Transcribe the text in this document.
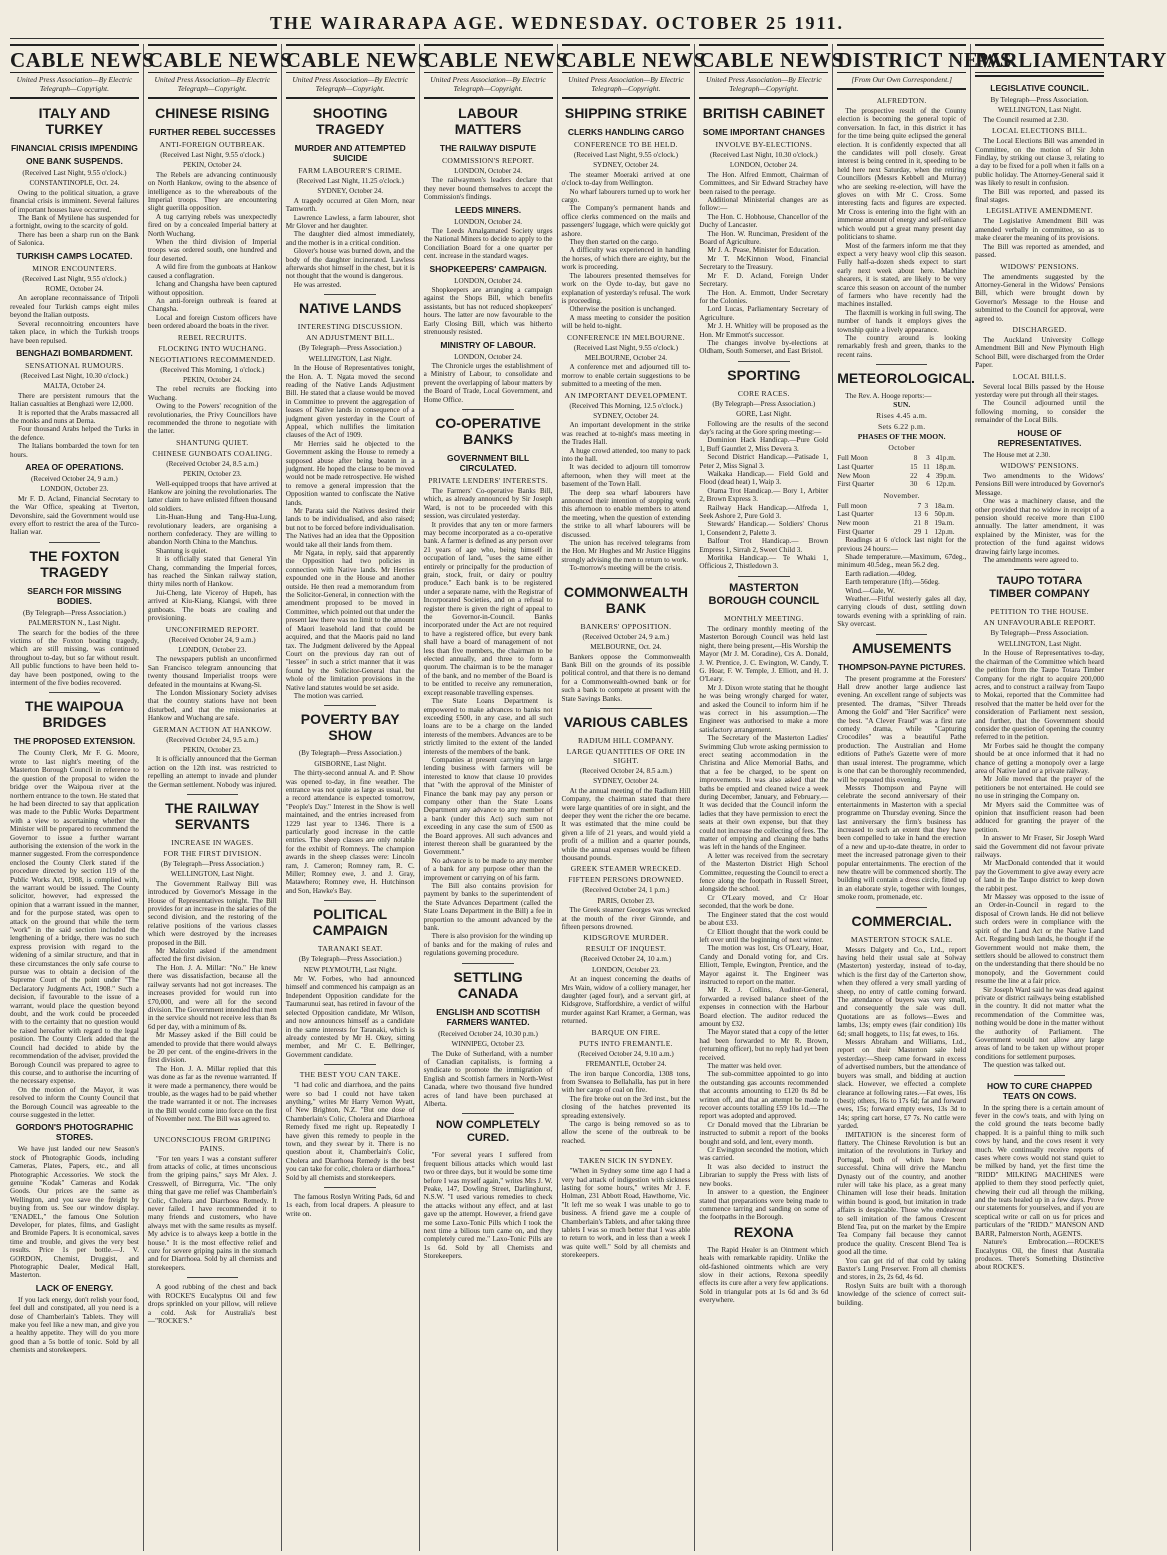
THE WAIRARAPA AGE. WEDNESDAY. OCTOBER 25 1911.
CABLE NEWS
United Press Association—By Electric Telegraph—Copyright.
ITALY AND TURKEY
FINANCIAL CRISIS IMPENDING
ONE BANK SUSPENDS.
(Received Last Night, 9.55 o'clock.)
CONSTANTINOPLE, Oct. 24.
Owing to the political situation, a grave financial crisis is imminent. Several failures of important houses have occurred.
The Bank of Mytilene has suspended for a fortnight, owing to the scarcity of gold.
There has been a sharp run on the Bank of Salonica.
TURKISH CAMPS LOCATED.
MINOR ENCOUNTERS.
(Received Last Night, 9.55 o'clock.)
ROME, October 24.
An aeroplane reconnaissance of Tripoli revealed four Turkish camps eight miles beyond the Italian outposts.
Several reconnoitring encounters have taken place, in which the Turkish troops have been repulsed.
BENGHAZI BOMBARDMENT.
SENSATIONAL RUMOURS.
(Received Last Night, 10.30 o'clock.)
MALTA, October 24.
There are persistent rumours that the Italian casualties at Benghazi were 12,000.
It is reported that the Arabs massacred all the monks and nuns at Derna.
Four thousand Arabs helped the Turks in the defence.
The Italians bombarded the town for ten hours.
AREA OF OPERATIONS.
(Received October 24, 9 a.m.)
LONDON, October 23.
Mr F. D. Acland, Financial Secretary to the War Office, speaking at Tiverton, Devonshire, said the Government would use every effort to restrict the area of the Turco-Italian war.
THE FOXTON TRAGEDY
SEARCH FOR MISSING BODIES.
(By Telegraph—Press Association.)
PALMERSTON N., Last Night.
The search for the bodies of the three victims of the Foxton boating tragedy, which are still missing, was continued throughout to-day, but so far without result. All public functions to have been held to-day have been postponed, owing to the interment of the five bodies recovered.
THE WAIPOUA BRIDGES
THE PROPOSED EXTENSION.
The County Clerk, Mr F. G. Moore, wrote to last night's meeting of the Masterton Borough Council in reference to the question of the proposal to widen the bridge over the Waipoua river at the northern entrance to the town. He stated that he had been directed to say that application was made to the Public Works Department with a view to ascertaining whether the Minister will be prepared to recommend the Governor to issue a further warrant authorising the extension of the work in the manner suggested. From the correspondence enclosed the County Clerk stated if the procedure directed by section 119 of the Public Works Act, 1908, is complied with, the warrant would be issued. The County solicitor, however, had expressed the opinion that a warrant issued in the manner, and for the purpose stated, was open to attack on the ground that while the term "work" in the said section included the lengthening of a bridge, there was no such express provision with regard to the widening of a similar structure, and that in these circumstances the only safe course to pursue was to obtain a decision of the Supreme Court of the point under "The Declaratory Judgments Act, 1908." Such a decision, if favourable to the issue of a warrant, would place the question beyond doubt, and the work could be proceeded with to the certainty that no question would be raised hereafter with regard to the legal position. The County Clerk added that the Council had decided to abide by the recommendation of the adviser, provided the Borough Council was prepared to agree to this course, and to authorise the incurring of the necessary expense.
On the motion of the Mayor, it was resolved to inform the County Council that the Borough Council was agreeable to the course suggested in the letter.
GORDON'S PHOTOGRAPHIC STORES.
We have just landed our new Season's stock of Photographic Goods, including Cameras, Plates, Papers, etc., and all Photographic Accessories. We stock the genuine "Kodak" Cameras and Kodak Goods. Our prices are the same as Wellington, and you save the freight by buying from us. See our window display. "ENADEL," the famous One Solution Developer, for plates, films, and Gaslight and Bromide Papers. It is economical, saves time and trouble, and gives the very best results. Price 1s per bottle.—J. V. GORDON, Chemist, Druggist, and Photographic Dealer, Medical Hall, Masterton.
LACK OF ENERGY.
If you lack energy, don't relish your food, feel dull and constipated, all you need is a dose of Chamberlain's Tablets. They will make you feel like a new man, and give you a healthy appetite. They will do you more good than a 5s bottle of tonic. Sold by all chemists and storekeepers.
CABLE NEWS
United Press Association—By Electric Telegraph—Copyright.
CHINESE RISING
FURTHER REBEL SUCCESSES
ANTI-FOREIGN OUTBREAK.
(Received Last Night, 9.55 o'clock.)
PEKIN, October 24.
The Rebels are advancing continuously on North Hankow, owing to the absence of intelligence as to the whereabouts of the Imperial troops. They are encountering slight guerilla opposition.
A tug carrying rebels was unexpectedly fired on by a concealed Imperial battery at North Wuchang.
When the third division of Imperial troops was ordered south, one hundred and four deserted.
A wild fire from the gunboats at Hankow caused a conflagration.
Ichang and Changsha have been captured without opposition.
An anti-foreign outbreak is feared at Changsha.
Local and foreign Custom officers have been ordered aboard the boats in the river.
REBEL RECRUITS.
FLOCKING INTO WUCHANG.
NEGOTIATIONS RECOMMENDED.
(Received This Morning, 1 o'clock.)
PEKIN, October 24.
The rebel recruits are flocking into Wuchang.
Owing to the Powers' recognition of the revolutionaries, the Privy Councillors have recommended the throne to negotiate with the latter.
SHANTUNG QUIET.
CHINESE GUNBOATS COALING.
(Received October 24, 8.5 a.m.)
PEKIN, October 23.
Well-equipped troops that have arrived at Hankow are joining the revolutionaries. The latter claim to have enlisted fifteen thousand old soldiers.
Lin-Huan-Hung and Tang-Hua-Lung, revolutionary leaders, are organising a northern confederacy. They are willing to abandon North China to the Manchus.
Shantung is quiet.
It is officially stated that General Yin Chang, commanding the Imperial forces, has reached the Sinkan railway station, thirty miles north of Hankow.
Jui-Cheng, late Viceroy of Hupeh, has arrived at Kiu-Kiang, Kiangsi, with three gunboats. The boats are coaling and provisioning.
UNCONFIRMED REPORT.
(Received October 24, 9 a.m.)
LONDON, October 23.
The newspapers publish an unconfirmed San Francisco telegram announcing that twenty thousand Imperialist troops were defeated in the mountains at Kwang-Si.
The London Missionary Society advises that the country stations have not been disturbed, and that the missionaries at Hankow and Wuchang are safe.
GERMAN ACTION AT HANKOW.
(Received October 24, 9.5 a.m.)
PEKIN, October 23.
It is officially announced that the German action on the 12th inst. was restricted to repelling an attempt to invade and plunder the German settlement. Nobody was injured.
THE RAILWAY SERVANTS
INCREASE IN WAGES.
FOR THE FIRST DIVISION.
(By Telegraph—Press Association.)
WELLINGTON, Last Night.
The Government Railway Bill was introduced by Governor's Message in the House of Representatives tonight. The Bill provides for an increase in the salaries of the second division, and the restoring of the relative positions of the various classes which were destroyed by the increases proposed in the Bill.
Mr Malcolm asked if the amendment affected the first division.
The Hon. J. A. Millar: "No." He knew there was dissatisfaction, because all the railway servants had not got increases. The increases provided for would run into £70,000, and were all for the second division. The Government intended that men in the service should not receive less than 8s 6d per day, with a minimum of 8s.
Mr Massey asked if the Bill could be amended to provide that there would always be 20 per cent. of the engine-drivers in the first division.
The Hon. J. A. Millar replied that this was done as far as the revenue warranted. If it were made a permanency, there would be trouble, as the wages had to be paid whether the trade warranted it or not. The increases in the Bill would come into force on the first of November next. The Bill was agreed to.
UNCONSCIOUS FROM GRIPING PAINS.
"For ten years I was a constant sufferer from attacks of colic, at times unconscious from the griping pains," says Mr Alex. J. Cresswell, of Birregurra, Vic. "The only thing that gave me relief was Chamberlain's Colic, Cholera and Diarrhoea Remedy. It never failed. I have recommended it to many friends and customers, who have always met with the same results as myself. My advice is to always keep a bottle in the house." It is the most effective relief and cure for severe griping pains in the stomach and for Diarrhoea. Sold by all chemists and storekeepers.
A good rubbing of the chest and back with ROCKE'S Eucalyptus Oil and few drops sprinkled on your pillow, will relieve a cold. Ask for Australia's best—"ROCKE'S."
CABLE NEWS
United Press Association—By Electric Telegraph—Copyright.
SHOOTING TRAGEDY
MURDER AND ATTEMPTED SUICIDE
FARM LABOURER'S CRIME.
(Received Last Night, 11.25 o'clock.)
SYDNEY, October 24.
A tragedy occurred at Glen Morn, near Tamworth.
Lawrence Lawless, a farm labourer, shot Mr Glover and her daughter.
The daughter died almost immediately, and the mother is in a critical condition.
Glover's house was burned down, and the body of the daughter incinerated. Lawless afterwards shot himself in the chest, but it is not thought that the wound is dangerous.
He was arrested.
NATIVE LANDS
INTERESTING DISCUSSION.
AN ADJUSTMENT BILL.
(By Telegraph—Press Association.)
WELLINGTON, Last Night.
In the House of Representatives tonight, the Hon. A. T. Ngata moved the second reading of the Native Lands Adjustment Bill. He stated that a clause would be moved in Committee to prevent the aggregation of leases of Native lands in consequence of a judgment given yesterday in the Court of Appeal, which nullifies the limitation clauses of the Act of 1909.
Mr Herries said he objected to the Government asking the House to remedy a supposed abuse after being beaten in a judgment. He hoped the clause to be moved would not be made retrospective. He wished to remove a general impression that the Opposition wanted to confiscate the Native lands.
Mr Parata said the Natives desired their lands to be individualised, and also raised; but not to be forced before individualisation. The Natives had an idea that the Opposition would take all their lands from them.
Mr Ngata, in reply, said that apparently the Opposition had two policies in connection with Native lands. Mr Herries expounded one in the House and another outside. He then read a memorandum from the Solicitor-General, in connection with the amendment proposed to be moved in Committee, which pointed out that under the present law there was no limit to the amount of Maori leasehold land that could be acquired, and that the Maoris paid no land tax. The Judgment delivered by the Appeal Court on the previous day ran out of "lessee" in such a strict manner that it was found by the Solicitor-General that the whole of the limitation provisions in the Native land statutes would be set aside.
The motion was carried.
POVERTY BAY SHOW
(By Telegraph—Press Association.)
GISBORNE, Last Night.
The thirty-second annual A. and P. Show was opened to-day, in fine weather. The entrance was not quite as large as usual, but a record attendance is expected tomorrow, "People's Day." Interest in the Show is well maintained, and the entries increased from 1229 last year to 1346. There is a particularly good increase in the cattle entries. The sheep classes are only notable for the exhibit of Romneys. The champion awards in the sheep classes were: Lincoln ram, J. Cameron; Romney ram, R. C. Miller; Romney ewe, J. and J. Gray, Matawhero; Romney ewe, H. Hutchinson and Son, Hawke's Bay.
POLITICAL CAMPAIGN
TARANAKI SEAT.
(By Telegraph—Press Association.)
NEW PLYMOUTH, Last Night.
Mr W. Forbes, who had announced himself and commenced his campaign as an Independent Opposition candidate for the Taumarunui seat, has retired in favour of the selected Opposition candidate, Mr Wilson, and now announces himself as a candidate in the same interests for Taranaki, which is already contested by Mr H. Okey, sitting member, and Mr C. E. Bellringer, Government candidate.
THE BEST YOU CAN TAKE.
"I had colic and diarrhoea, and the pains were so bad I could not have taken anything," writes Mr Harry Vernon Wyatt, of New Brighton, N.Z. "But one dose of Chamberlain's Colic, Cholera and Diarrhoea Remedy fixed me right up. Repeatedly I have given this remedy to people in the town, and they swear by it. There is no question about it, Chamberlain's Colic, Cholera and Diarrhoea Remedy is the best you can take for colic, cholera or diarrhoea." Sold by all chemists and storekeepers.
The famous Roslyn Writing Pads, 6d and 1s each, from local drapers. A pleasure to write on.
CABLE NEWS
United Press Association—By Electric Telegraph—Copyright.
LABOUR MATTERS
THE RAILWAY DISPUTE
COMMISSION'S REPORT.
LONDON, October 24.
The railwaymen's leaders declare that they never bound themselves to accept the Commission's findings.
LEEDS MINERS.
LONDON, October 24.
The Leeds Amalgamated Society urges the National Miners to decide to apply to the Conciliation Board for a one quarter per cent. increase in the standard wages.
SHOPKEEPERS' CAMPAIGN.
LONDON, October 24.
Shopkeepers are arranging a campaign against the Shops Bill, which benefits assistants, but has not reduced shopkeepers' hours. The latter are now favourable to the Early Closing Bill, which was hitherto strenuously resisted.
MINISTRY OF LABOUR.
LONDON, October 24.
The Chronicle urges the establishment of a Ministry of Labour, to consolidate and prevent the overlapping of labour matters by the Board of Trade, Local Government, and Home Office.
CO-OPERATIVE BANKS
GOVERNMENT BILL CIRCULATED.
PRIVATE LENDERS' INTERESTS.
The Farmers' Co-operative Banks Bill, which, as already announced by Sir Joseph Ward, is not to be proceeded with this session, was circulated yesterday.
It provides that any ten or more farmers may become incorporated as a co-operative bank. A farmer is defined as any person over 21 years of age who, being himself in occupation of land, "uses the same either entirely or principally for the production of grain, stock, fruit, or dairy or poultry produce." Each bank is to be registered under a separate name, with the Registrar of Incorporated Societies, and on a refusal to register there is given the right of appeal to the Governor-in-Council. Banks incorporated under the Act are not required to have a registered office, but every bank shall have a board of management of not less than five members, the chairman to be elected annually, and three to form a quorum. The chairman is to be the manager of the bank, and no member of the Board is to be entitled to receive any remuneration, except reasonable travelling expenses.
The State Loans Department is empowered to make advances to banks not exceeding £500, in any case, and all such loans are to be a charge on the landed interests of the members. Advances are to be strictly limited to the extent of the landed interests of the members of the bank.
Companies at present carrying on large lending business with farmers will be interested to know that clause 10 provides that "with the approval of the Minister of Finance the bank may pay any person or company other than the State Loans Department any advance to any member of a bank (under this Act) such sum not exceeding in any case the sum of £500 as the Board approves. All such advances and interest thereon shall be guaranteed by the Government."
No advance is to be made to any member of a bank for any purpose other than the improvement or carrying on of his farm.
The Bill also contains provision for payment by banks to the superintendent of the State Advances Department (called the State Loans Department in the Bill) a fee in proportion to the amount advanced by the bank.
There is also provision for the winding up of banks and for the making of rules and regulations governing procedure.
SETTLING CANADA
ENGLISH AND SCOTTISH FARMERS WANTED.
(Received October 24, 10.30 p.m.)
WINNIPEG, October 23.
The Duke of Sutherland, with a number of Canadian capitalists, is forming a syndicate to promote the immigration of English and Scottish farmers in North-West Canada, where two thousand five hundred acres of land have been purchased at Alberta.
NOW COMPLETELY CURED.
"For several years I suffered from frequent bilious attacks which would last two or three days, but it would be some time before I was myself again," writes Mrs J. W. Peake, 147, Dowling Street, Darlinghurst, N.S.W. "I used various remedies to check the attacks without any effect, and at last gave up the attempt. However, a friend gave me some Laxo-Tonic Pills which I took the next time a bilious turn came on, and they completely cured me." Laxo-Tonic Pills are 1s 6d. Sold by all Chemists and Storekeepers.
CABLE NEWS
United Press Association—By Electric Telegraph—Copyright.
SHIPPING STRIKE
CLERKS HANDLING CARGO
CONFERENCE TO BE HELD.
(Received Last Night, 9.55 o'clock.)
SYDNEY, October 24.
The steamer Moeraki arrived at one o'clock to-day from Wellington.
No wharf labourers turned up to work her cargo.
The Company's permanent hands and office clerks commenced on the mails and passengers' luggage, which were quickly got ashore.
They then started on the cargo.
A difficulty was experienced in handling the horses, of which there are eighty, but the work is proceeding.
The labourers presented themselves for work on the Oyde to-day, but gave no explanation of yesterday's refusal. The work is proceeding.
Otherwise the position is unchanged.
A mass meeting to consider the position will be held to-night.
CONFERENCE IN MELBOURNE.
(Received Last Night, 9.55 o'clock.)
MELBOURNE, October 24.
A conference met and adjourned till to-morrow to enable certain suggestions to be submitted to a meeting of the men.
AN IMPORTANT DEVELOPMENT.
(Received This Morning, 12.5 o'clock.)
SYDNEY, October 24.
An important development in the strike was reached at to-night's mass meeting in the Trades Hall.
A huge crowd attended, too many to pack into the hall.
It was decided to adjourn till tomorrow afternoon, when they will meet at the basement of the Town Hall.
The deep sea wharf labourers have announced their intention of stopping work this afternoon to enable members to attend the meeting, when the question of extending the strike to all wharf labourers will be discussed.
The union has received telegrams from the Hon. Mr Hughes and Mr Justice Higgins strongly advising the men to return to work.
To-morrow's meeting will be the crisis.
COMMONWEALTH BANK
BANKERS' OPPOSITION.
(Received October 24, 9 a.m.)
MELBOURNE, Oct. 24.
Bankers oppose the Commonwealth Bank Bill on the grounds of its possible political control, and that there is no demand for a Commonwealth-owned bank or for such a bank to compete at present with the State Savings Banks.
VARIOUS CABLES
RADIUM HILL COMPANY.
LARGE QUANTITIES OF ORE IN SIGHT.
(Received October 24, 8.5 a.m.)
SYDNEY, October 24.
At the annual meeting of the Radium Hill Company, the chairman stated that there were large quantities of ore in sight, and the deeper they went the richer the ore became. It was estimated that the mine could be given a life of 21 years, and would yield a profit of a million and a quarter pounds, while the annual expenses would be fifteen thousand pounds.
GREEK STEAMER WRECKED.
FIFTEEN PERSONS DROWNED.
(Received October 24, 1 p.m.)
PARIS, October 23.
The Greek steamer Georges was wrecked at the mouth of the river Gironde, and fifteen persons drowned.
KIDSGROVE MURDER.
RESULT OF INQUEST.
(Received October 24, 10 a.m.)
LONDON, October 23.
At an inquest concerning the deaths of Mrs Wain, widow of a colliery manager, her daughter (aged four), and a servant girl, at Kidsgrove, Staffordshire, a verdict of wilful murder against Karl Kramer, a German, was returned.
BARQUE ON FIRE.
PUTS INTO FREMANTLE.
(Received October 24, 9.10 a.m.)
FREMANTLE, October 24.
The iron barque Concordia, 1308 tons, from Swansea to Bellahalla, has put in here with her cargo of coal on fire.
The fire broke out on the 3rd inst., but the closing of the hatches prevented its spreading extensively.
The cargo is being removed so as to allow the scene of the outbreak to be reached.
TAKEN SICK IN SYDNEY.
"When in Sydney some time ago I had a very bad attack of indigestion with sickness lasting for some hours," writes Mr J. F. Holman, 231 Abbott Road, Hawthorne, Vic. "It left me so weak I was unable to go to business. A friend gave me a couple of Chamberlain's Tablets, and after taking three tablets I was so much better that I was able to return to work, and in less than a week I was quite well." Sold by all chemists and storekeepers.
CABLE NEWS
United Press Association—By Electric Telegraph—Copyright.
BRITISH CABINET
SOME IMPORTANT CHANGES
INVOLVE BY-ELECTIONS.
(Received Last Night, 10.30 o'clock.)
LONDON, October 24.
The Hon. Alfred Emmott, Chairman of Committees, and Sir Edward Strachey have been raised to the peerage.
Additional Ministerial changes are as follow:—
The Hon. C. Hobhouse, Chancellor of the Duchy of Lancaster.
The Hon. W. Runciman, President of the Board of Agriculture.
Mr J. A. Pease, Minister for Education.
Mr T. McKinnon Wood, Financial Secretary to the Treasury.
Mr F. D. Acland, Foreign Under Secretary.
The Hon. A. Emmott, Under Secretary for the Colonies.
Lord Lucas, Parliamentary Secretary of Agriculture.
Mr J. H. Whitley will be proposed as the Hon. Mr Emmott's successor.
The changes involve by-elections at Oldham, South Somerset, and East Bristol.
SPORTING
CORE RACES.
(By Telegraph—Press Association.)
GORE, Last Night.
Following are the results of the second day's racing at the Gore spring meeting:—
Dominion Hack Handicap.—Pure Gold 1, Buff Gauntlet 2, Miss Devera 3.
Second District Handicap.—Patisade 1, Peter 2, Miss Signal 3.
Waikaka Handicap.— Field Gold and Flood (dead heat) 1, Waip 3.
Otama Trot Handicap.— Bory 1, Arbiter 2, Brown Express 3.
Railway Hack Handicap.—Alfreda 1, Seek Ashore 2, Pure Gold 3.
Stewards' Handicap.— Soldiers' Chorus 1, Consendent 2, Palette 3.
Balfour Trot Handicap.— Brown Empress 1, Sirrah 2, Sweet Child 3.
Moritika Handicap.— Te Whaki 1, Officious 2, Thistledown 3.
MASTERTON BOROUGH COUNCIL
MONTHLY MEETING.
The ordinary monthly meeting of the Masterton Borough Council was held last night, there being present,—His Worship the Mayor (Mr J. M. Coradine), Crs A. Donald, J. W. Prentice, J. C. Ewington, W. Candy, T. G. Hoar, F. W. Temple, J. Elliott, and H. J. O'Leary.
Mr J. Dixon wrote stating that he thought he was being wrongly charged for water, and asked the Council to inform him if he was correct in his assumption.—The Engineer was authorised to make a more satisfactory arrangement.
The Secretary of the Masterton Ladies' Swimming Club wrote asking permission to erect seating accommodation in the Christina and Alice Memorial Baths, and that a fee be charged, to be spent on improvements. It was also asked that the baths be emptied and cleaned twice a week during December, January, and February.—It was decided that the Council inform the ladies that they have permission to erect the seats at their own expense, but that they could not increase the collecting of fees. The matter of emptying and cleaning the baths was left in the hands of the Engineer.
A letter was received from the secretary of the Masterton District High School Committee, requesting the Council to erect a fence along the footpath in Russell Street, alongside the school.
Cr O'Leary moved, and Cr Hoar seconded, that the work be done.
The Engineer stated that the cost would be about £33.
Cr Elliott thought that the work could be left over until the beginning of next winter.
The motion was lost, Crs O'Leary, Hoar, Candy and Donald voting for, and Crs. Elliott, Temple, Ewington, Prentice, and the Mayor against it. The Engineer was instructed to report on the matter.
Mr R. J. Collins, Auditor-General, forwarded a revised balance sheet of the expenses in connection with the Harbour Board election. The auditor reduced the amount by £32.
The Mayor stated that a copy of the letter had been forwarded to Mr R. Brown, (returning officer), but no reply had yet been received.
The matter was held over.
The sub-committee appointed to go into the outstanding gas accounts recommended that accounts amounting to £120 0s 8d be written off, and that an attempt be made to recover accounts totalling £59 10s 1d.—The report was adopted and approved.
Cr Donald moved that the Librarian be instructed to submit a report of the books bought and sold, and lent, every month.
Cr Ewington seconded the motion, which was carried.
It was also decided to instruct the Librarian to supply the Press with lists of new books.
In answer to a question, the Engineer stated that preparations were being made to commence tarring and sanding on some of the footpaths in the Borough.
REXONA
The Rapid Healer is an Ointment which heals with remarkable rapidity. Unlike the old-fashioned ointments which are very slow in their actions, Rexona speedily effects its cure after a very few applications. Sold in triangular pots at 1s 6d and 3s 6d everywhere.
DISTRICT NEWS
[From Our Own Correspondent.]
ALFREDTON.
The prospective result of the County election is becoming the general topic of conversation. In fact, in this district it has for the time being quite eclipsed the general election. It is confidently expected that all the candidates will poll closely. Great interest is being centred in it, speeding to be held here next Saturday, when the retiring Councillors (Messrs Kebbell and Murray) who are seeking re-election, will have the gloves on with Mr C. Cross. Some interesting facts and figures are expected. Mr Cross is entering into the fight with an immense amount of energy and self-reliance which would put a great many present day politicians to shame.
Most of the farmers inform me that they expect a very heavy wool clip this season. Fully half-a-dozen sheds expect to start early next week about here. Machine shearers, it is stated, are likely to be very scarce this season on account of the number of farmers who have recently had the machines installed.
The flaxmill is working in full swing. The number of hands it employs gives the township quite a lively appearance.
The country around is looking remarkably fresh and green, thanks to the recent rains.
METEOROLOGICAL.
The Rev. A. Hooge reports:—
SUN.
Rises 4.45 a.m.
Sets 6.22 p.m.
PHASES OF THE MOON.
October
Full Moon	8	3	41	p.m.
Last Quarter	15	11	18	p.m.
New Moon	22	4	39	p.m.
First Quarter	30	6	12	p.m.
November.
Full moon	7	3	18	a.m.
Last Quarter	13	6	50	p.m.
New moon	21	8	19	a.m.
First Quarter	29	1	12	p.m.
Readings at 6 o'clock last night for the previous 24 hours:—
Shade temperature.—Maximum, 67deg., minimum 40.5deg., mean 56.2 deg.
Earth radiation.—40deg.
Earth temperature (1ft).—56deg.
Wind.—Gale, W.
Weather.—Fitful westerly gales all day, carrying clouds of dust, settling down towards evening with a sprinkling of rain. Sky overcast.
AMUSEMENTS
THOMPSON-PAYNE PICTURES.
The present programme at the Foresters' Hall drew another large audience last evening. An excellent range of subjects was presented. The dramas, "Silver Threads Among the Gold" and "Her Sacrifice" were the best. "A Clever Fraud" was a first rate comedy drama, while "Capturing Crocodiles" was a beautiful Pathe production. The Australian and Home editions of Pathe's Gazette were of more than usual interest. The programme, which is one that can be thoroughly recommended, will be repeated this evening.
Messrs Thompson and Payne will celebrate the second anniversary of their entertainments in Masterton with a special programme on Thursday evening. Since the last anniversary the firm's business has increased to such an extent that they have been compelled to take in hand the erection of a new and up-to-date theatre, in order to meet the increased patronage given to their popular entertainments. The erection of the new theatre will be commenced shortly. The building will contain a dress circle, fitted up in an elaborate style, together with lounges, smoke room, promenade, etc.
COMMERCIAL.
MASTERTON STOCK SALE.
Messrs Dalgety and Co., Ltd., report having held their usual sale at Solway (Masterton) yesterday, instead of to-day, which is the first day of the Carterton show, when they offered a very small yarding of sheep, no entry of cattle coming forward. The attendance of buyers was very small, and consequently the sale was dull. Quotations are as follows—Ewes and lambs, 13s; empty ewes (fair condition) 10s 6d; small hoggets, to 11s; fat ewes, to 16s.
Messrs Abraham and Williams, Ltd., report on their Masterton sale held yesterday:—Sheep came forward in excess of advertised numbers, but the attendance of buyers was small, and bidding at auction slack. However, we effected a complete clearance at following rates.—Fat ewes, 16s (best); others, 16s to 17s 6d; fat and forward ewes, 15s; forward empty ewes, 13s 3d to 14s; spring cart horse, £7 7s. No cattle were yarded.
IMITATION is the sincerest form of flattery. The Chinese Revolution is but an imitation of the revolutions in Turkey and Portugal, both of which have been successful. China will drive the Manchu Dynasty out of the country, and another ruler will take his place, as a great many Chinamen will lose their heads. Imitation within bound is good, but imitation in trade affairs is despicable. Those who endeavour to sell imitation of the famous Crescent Blend Tea, put on the market by the Empire Tea Company fail because they cannot produce the quality. Crescent Blend Tea is good all the time.
You can get rid of that cold by taking Baxter's Lung Preserver. From all chemists and stores, in 2s, 2s 6d, 4s 6d.
Roslyn Suits are built with a thorough knowledge of the science of correct suit-building.
PARLIAMENTARY
LEGISLATIVE COUNCIL.
By Telegraph—Press Association.
WELLINGTON, Last Night.
The Council resumed at 2.30.
LOCAL ELECTIONS BILL.
The Local Elections Bill was amended in Committee, on the motion of Sir John Findlay, by striking out clause 3, relating to a day to be fixed for a poll when it falls on a public holiday. The Attorney-General said it was likely to result in confusion.
The Bill was reported, and passed its final stages.
LEGISLATIVE AMENDMENT.
The Legislative Amendment Bill was amended verbally in committee, so as to make clearer the meaning of its provisions.
The Bill was reported as amended, and passed.
WIDOWS' PENSIONS.
The amendments suggested by the Attorney-General in the Widows' Pensions Bill, which were brought down by Governor's Message to the House and submitted to the Council for approval, were agreed to.
DISCHARGED.
The Auckland University College Amendment Bill and New Plymouth High School Bill, were discharged from the Order Paper.
LOCAL BILLS.
Several local Bills passed by the House yesterday were put through all their stages.
The Council adjourned until the following morning, to consider the remainder of the Local Bills.
HOUSE OF REPRESENTATIVES.
The House met at 2.30.
WIDOWS' PENSIONS.
Two amendments to the Widows' Pensions Bill were introduced by Governor's Message.
One was a machinery clause, and the other provided that no widow in receipt of a pension should receive more than £100 annually. The latter amendment, it was explained by the Minister, was for the protection of the fund against widows drawing fairly large incomes.
The amendments were agreed to.
TAUPO TOTARA TIMBER COMPANY
PETITION TO THE HOUSE.
AN UNFAVOURABLE REPORT.
By Telegraph—Press Association.
WELLINGTON, Last Night.
In the House of Representatives to-day, the chairman of the Committee which heard the petition from the Taupo Totara Timber Company for the right to acquire 200,000 acres, and to construct a railway from Taupo to Mokai, reported that the Committee had resolved that the matter be held over for the consideration of Parliament next session, and further, that the Government should consider the question of opening the country referred to in the petition.
Mr Forbes said he thought the company should be at once informed that it had no chance of getting a monopoly over a large area of Native land or a private railway.
Mr Jolie moved that the prayer of the petitioners be not entertained. He could see no use in stringing the Company on.
Mr Myers said the Committee was of opinion that insufficient reason had been adduced for granting the prayer of the petition.
In answer to Mr Fraser, Sir Joseph Ward said the Government did not favour private railways.
Mr MacDonald contended that it would pay the Government to give away every acre of land in the Taupo district to keep down the rabbit pest.
Mr Massey was opposed to the issue of an Order-in-Council in regard to the disposal of Crown lands. He did not believe such orders were in compliance with the spirit of the Land Act or the Native Land Act. Regarding bush lands, he thought if the Government would not make them, the settlers should be allowed to construct them on the understanding that there should be no monopoly, and the Government could resume the line at a fair price.
Sir Joseph Ward said he was dead against private or district railways being established in the country. It did not matter what the recommendation of the Committee was, nothing would be done in the matter without the authority of Parliament. The Government would not allow any large areas of land to be taken up without proper conditions for settlement purposes.
The question was talked out.
HOW TO CURE CHAPPED TEATS ON COWS.
In the spring there is a certain amount of fever in the cow's teats, and with lying on the cold ground the teats become badly chapped. It is a painful thing to milk such cows by hand, and the cows resent it very much. We continually receive reports of cases where cows would not stand quiet to be milked by hand, yet the first time the "RIDD" MILKING MACHINES were applied to them they stood perfectly quiet, chewing their cud all through the milking, and the teats healed up in a few days. Prove our statements for yourselves, and if you are sceptical write or call on us for prices and particulars of the "RIDD." MANSON AND BARR, Palmerston North, AGENTS.
Nature's Embrocation.—ROCKE'S Eucalyptus Oil, the finest that Australia produces. There's Something Distinctive about ROCKE'S.
